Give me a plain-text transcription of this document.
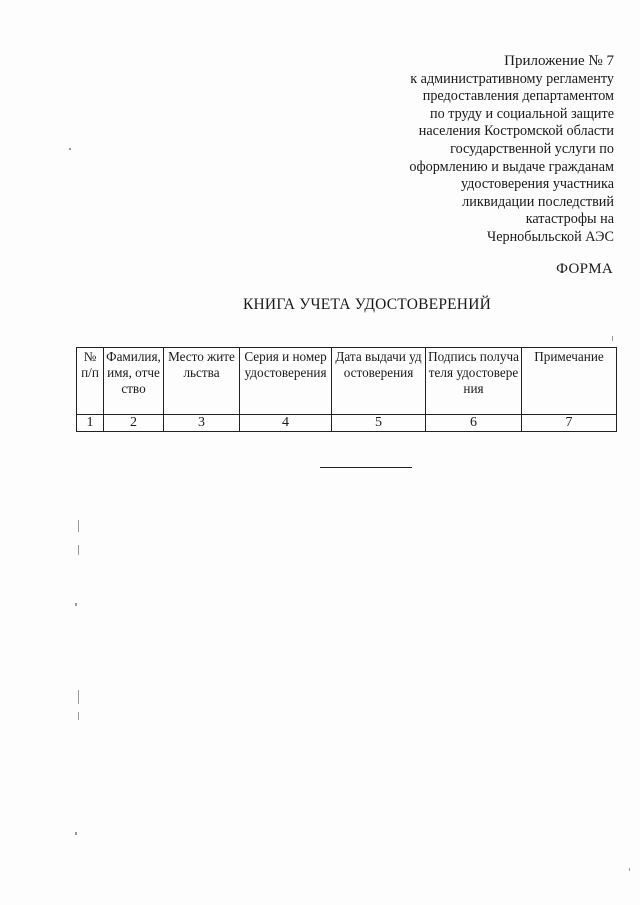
Приложение № 7
к административному регламенту
предоставления департаментом
по труду и социальной защите
населения Костромской области
государственной услуги по
оформлению и выдаче гражданам
удостоверения участника
ликвидации последствий
катастрофы на
Чернобыльской АЭС
ФОРМА
КНИГА УЧЕТА УДОСТОВЕРЕНИЙ
№ п/п	Фамилия, имя, отчество	Место жительства	Серия и номер удостоверения	Дата выдачи удостоверения	Подпись получателя удостоверения	Примечание
1	2	3	4	5	6	7
